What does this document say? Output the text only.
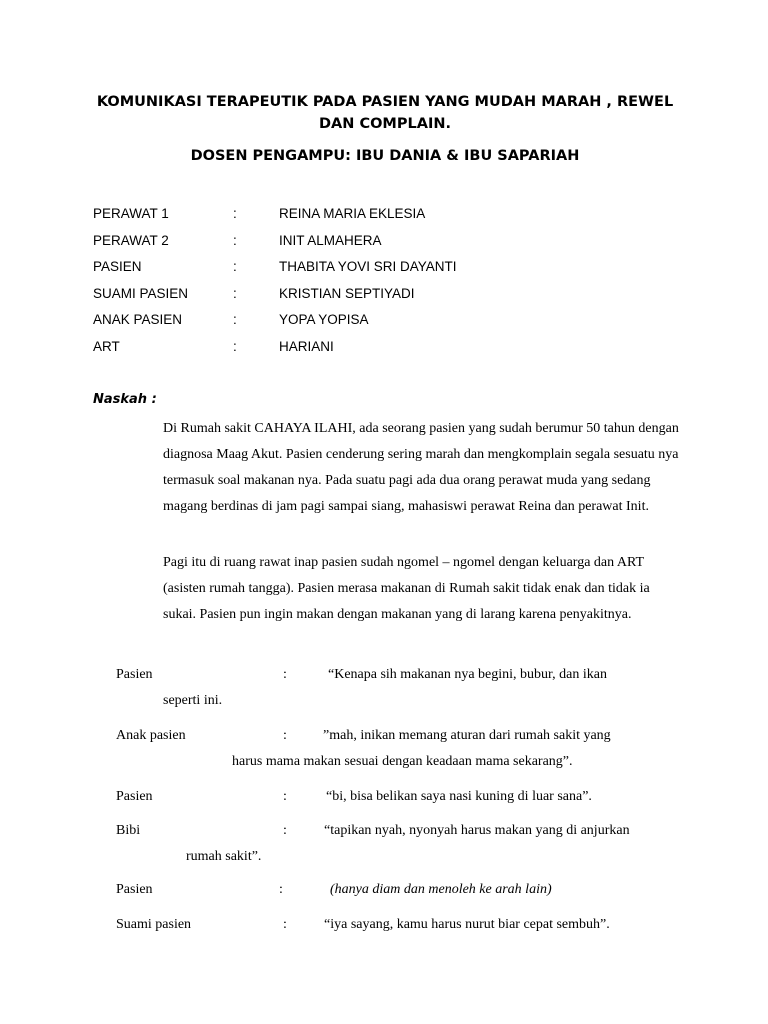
KOMUNIKASI TERAPEUTIK PADA PASIEN YANG MUDAH MARAH , REWEL DAN COMPLAIN.
DOSEN PENGAMPU: IBU DANIA & IBU SAPARIAH
PERAWAT 1	:	REINA MARIA EKLESIA
PERAWAT 2	:	INIT ALMAHERA
PASIEN	:	THABITA YOVI SRI DAYANTI
SUAMI PASIEN	:	KRISTIAN SEPTIYADI
ANAK PASIEN	:	YOPA YOPISA
ART	:	HARIANI
Naskah :
Di Rumah sakit CAHAYA ILAHI, ada seorang pasien yang sudah berumur 50 tahun dengan diagnosa Maag Akut. Pasien cenderung sering marah dan mengkomplain segala sesuatu nya termasuk soal makanan nya. Pada suatu pagi ada dua orang perawat muda yang sedang magang berdinas di jam pagi sampai siang, mahasiswi perawat Reina dan perawat Init.
Pagi itu di ruang rawat inap pasien sudah ngomel – ngomel dengan keluarga dan ART (asisten rumah tangga). Pasien merasa makanan di Rumah sakit tidak enak dan tidak ia sukai. Pasien pun ingin makan dengan makanan yang di larang karena penyakitnya.
Pasien	:	“Kenapa sih makanan nya begini, bubur, dan ikan
seperti ini.
Anak pasien	:	”mah, inikan memang aturan dari rumah sakit yang
harus mama makan sesuai dengan keadaan mama sekarang”.
Pasien	:	“bi, bisa belikan saya nasi kuning di luar sana”.
Bibi	:	“tapikan nyah, nyonyah harus makan yang di anjurkan
rumah sakit”.
Pasien	:	(hanya diam dan menoleh ke arah lain)
Suami pasien	:	“iya sayang, kamu harus nurut biar cepat sembuh”.
